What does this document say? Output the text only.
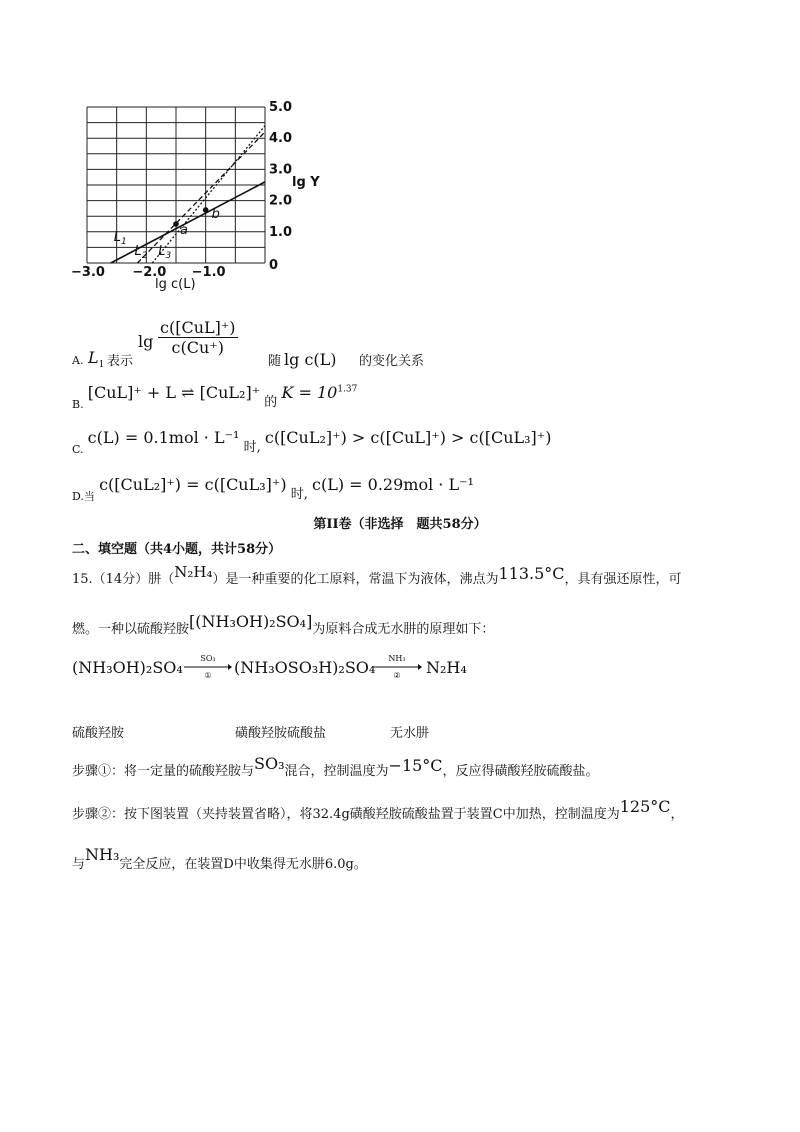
$L_1$
$L_2$ $L_3$
a
b
0
1.0
2.0
3.0
4.0
5.0
−3.0 −2.0 −1.0
lg Y
lg c(L)
A. $L_1$ 表示
lg
c([CuL]⁺)
c(Cu⁺)
随 lg c(L) 的变化关系
$_{B.}$ [CuL]⁺ + L ⇌ [CuL₂]⁺ 的 $K = 10^{1.37}$
$_{C.}$ c(L) = 0.1mol · L⁻¹ 时, c([CuL₂]⁺) > c([CuL]⁺) > c([CuL₃]⁺)
$_{D.当}$ c([CuL₂]⁺) = c([CuL₃]⁺) 时, c(L) = 0.29mol · L⁻¹
第II卷（非选择　题共58分）
二、填空题（共4小题，共计58分）
15.（14分）肼（N₂H₄）是一种重要的化工原料，常温下为液体，沸点为113.5°C，具有强还原性，可
燃。一种以硫酸羟胺[(NH₃OH)₂SO₄]为原料合成无水肼的原理如下：
(NH₃OH)₂SO₄	SO₃
①	(NH₃OSO₃H)₂SO₄	NH₃
②	N₂H₄
硫酸羟胺	磺酸羟胺硫酸盐	无水肼
步骤①：将一定量的硫酸羟胺与SO₃混合，控制温度为−15°C，反应得磺酸羟胺硫酸盐。
步骤②：按下图装置（夹持装置省略），将32.4g磺酸羟胺硫酸盐置于装置C中加热，控制温度为125°C，
与NH₃完全反应，在装置D中收集得无水肼6.0g。
